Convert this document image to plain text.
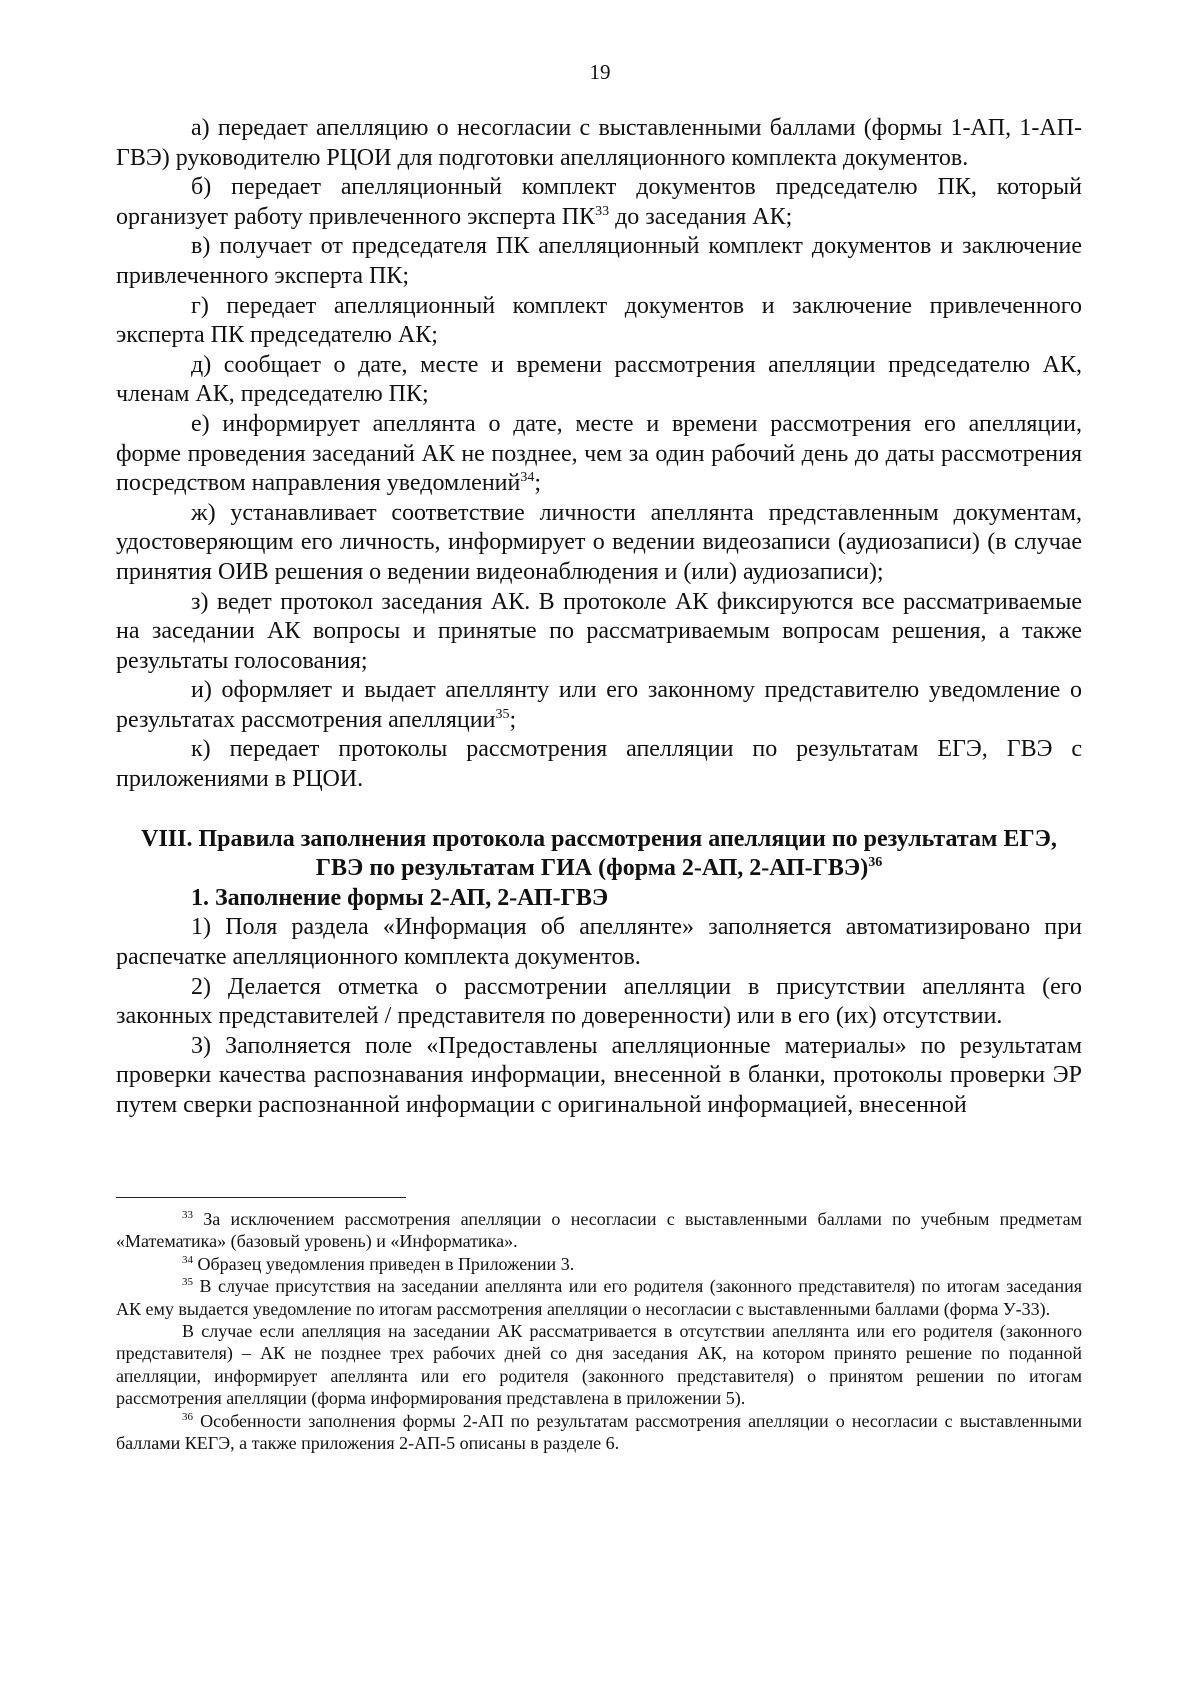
19

а) передает апелляцию о несогласии с выставленными баллами (формы 1-АП, 1-АП-ГВЭ) руководителю РЦОИ для подготовки апелляционного комплекта документов.

б) передает апелляционный комплект документов председателю ПК, который организует работу привлеченного эксперта ПК$^{33}$ до заседания АК;

в) получает от председателя ПК апелляционный комплект документов и заключение привлеченного эксперта ПК;

г) передает апелляционный комплект документов и заключение привлеченного эксперта ПК председателю АК;

д) сообщает о дате, месте и времени рассмотрения апелляции председателю АК, членам АК, председателю ПК;

е) информирует апеллянта о дате, месте и времени рассмотрения его апелляции, форме проведения заседаний АК не позднее, чем за один рабочий день до даты рассмотрения посредством направления уведомлений$^{34}$;

ж) устанавливает соответствие личности апеллянта представленным документам, удостоверяющим его личность, информирует о ведении видеозаписи (аудиозаписи) (в случае принятия ОИВ решения о ведении видеонаблюдения и (или) аудиозаписи);

з) ведет протокол заседания АК. В протоколе АК фиксируются все рассматриваемые на заседании АК вопросы и принятые по рассматриваемым вопросам решения, а также результаты голосования;

и) оформляет и выдает апеллянту или его законному представителю уведомление о результатах рассмотрения апелляции$^{35}$;

к) передает протоколы рассмотрения апелляции по результатам ЕГЭ, ГВЭ с приложениями в РЦОИ.

VIII. Правила заполнения протокола рассмотрения апелляции по результатам ЕГЭ,
ГВЭ по результатам ГИА (форма 2-АП, 2-АП-ГВЭ)$^{36}$

1. Заполнение формы 2-АП, 2-АП-ГВЭ

1) Поля раздела «Информация об апеллянте» заполняется автоматизировано при распечатке апелляционного комплекта документов.

2) Делается отметка о рассмотрении апелляции в присутствии апеллянта (его законных представителей / представителя по доверенности) или в его (их) отсутствии.

3) Заполняется поле «Предоставлены апелляционные материалы» по результатам проверки качества распознавания информации, внесенной в бланки, протоколы проверки ЭР путем сверки распознанной информации с оригинальной информацией, внесенной

$^{33}$ За исключением рассмотрения апелляции о несогласии с выставленными баллами по учебным предметам «Математика» (базовый уровень) и «Информатика».

$^{34}$ Образец уведомления приведен в Приложении 3.

$^{35}$ В случае присутствия на заседании апеллянта или его родителя (законного представителя) по итогам заседания АК ему выдается уведомление по итогам рассмотрения апелляции о несогласии с выставленными баллами (форма У-33).

В случае если апелляция на заседании АК рассматривается в отсутствии апеллянта или его родителя (законного представителя) – АК не позднее трех рабочих дней со дня заседания АК, на котором принято решение по поданной апелляции, информирует апеллянта или его родителя (законного представителя) о принятом решении по итогам рассмотрения апелляции (форма информирования представлена в приложении 5).

$^{36}$ Особенности заполнения формы 2-АП по результатам рассмотрения апелляции о несогласии с выставленными баллами КЕГЭ, а также приложения 2-АП-5 описаны в разделе 6.
